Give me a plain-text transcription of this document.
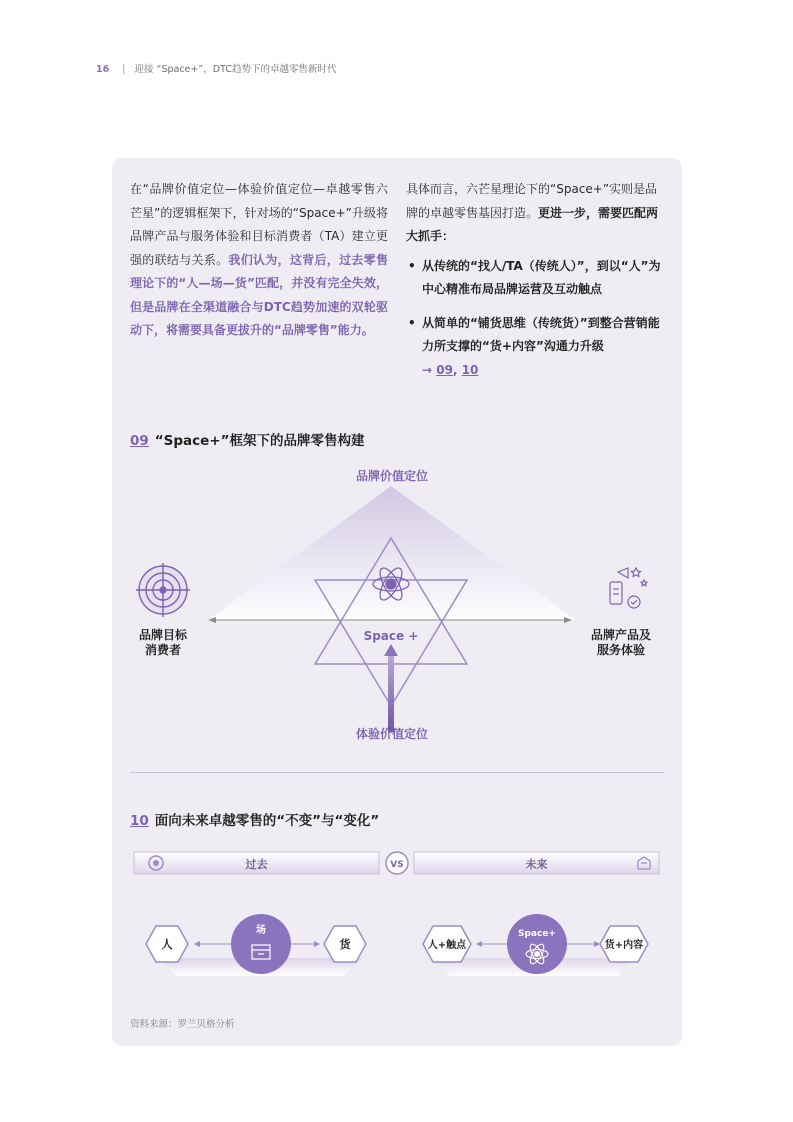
16 | 迎接 “Space+”，DTC趋势下的卓越零售新时代
在“品牌价值定位—体验价值定位—卓越零售六芒星”的逻辑框架下，针对场的“Space+”升级将品牌产品与服务体验和目标消费者（TA）建立更强的联结与关系。我们认为，这背后，过去零售理论下的“人—场—货”匹配，并没有完全失效，但是品牌在全渠道融合与DTC趋势加速的双轮驱动下，将需要具备更拔升的“品牌零售”能力。
具体而言，六芒星理论下的“Space+”实则是品牌的卓越零售基因打造。更进一步，需要匹配两大抓手：
• 从传统的“找人/TA（传统人）”，到以“人”为中心精准布局品牌运营及互动触点
• 从简单的“铺货思维（传统货）”到整合营销能力所支撑的“货+内容”沟通力升级
→ 09, 10
09 “Space+”框架下的品牌零售构建
品牌价值定位
Space +
品牌目标
消费者
品牌产品及
服务体验
体验价值定位
10 面向未来卓越零售的“不变”与“变化”
VS
人
场
货	人+触点
Space+
货+内容
过去	未来
资料来源：罗兰贝格分析
